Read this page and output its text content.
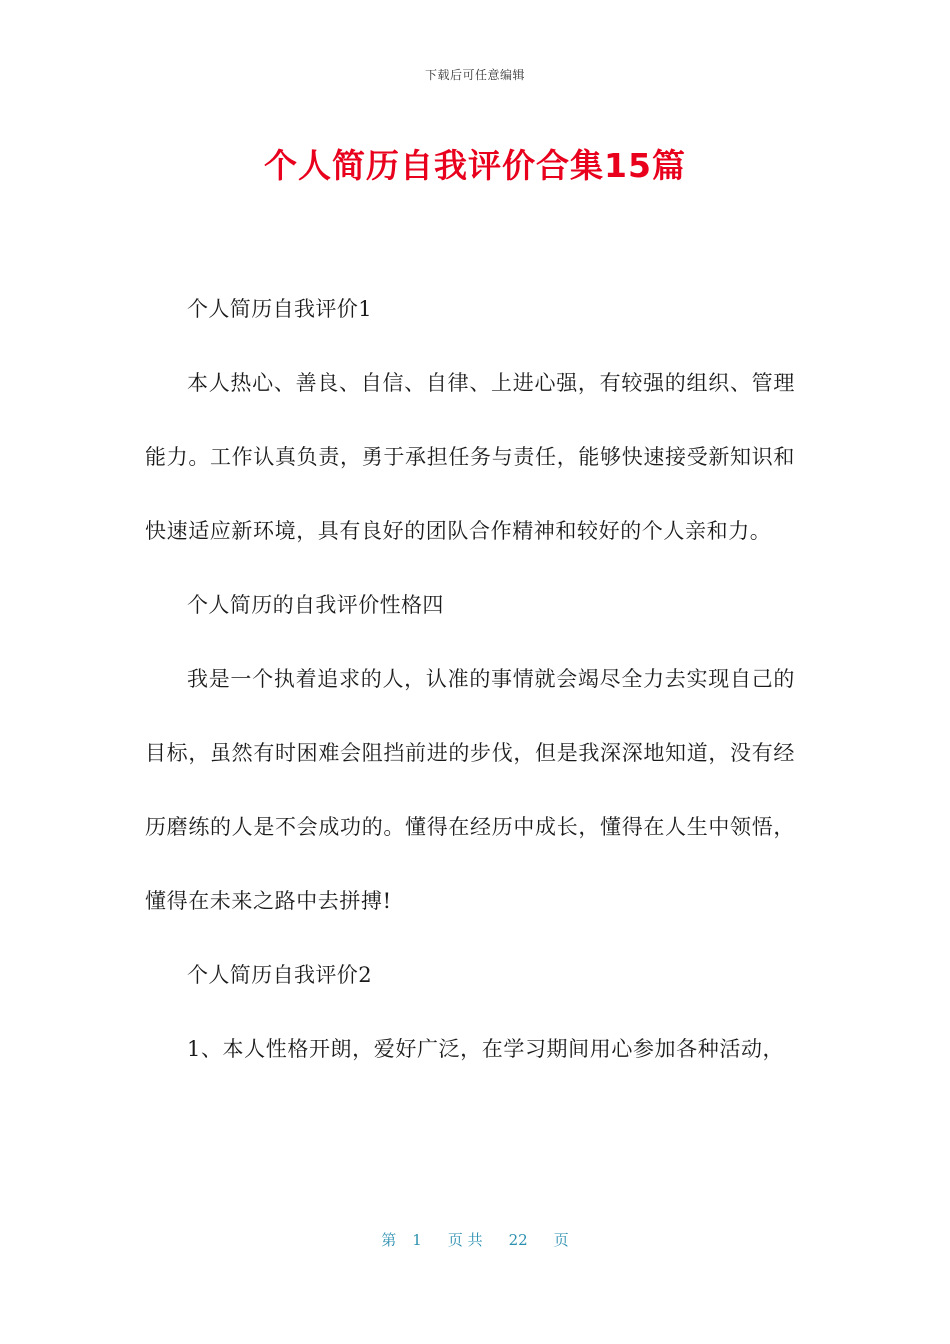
下载后可任意编辑
个人简历自我评价合集15篇

个人简历自我评价1

本人热心、善良、自信、自律、上进心强，有较强的组织、管理能力。工作认真负责，勇于承担任务与责任，能够快速接受新知识和快速适应新环境，具有良好的团队合作精神和较好的个人亲和力。

个人简历的自我评价性格四

我是一个执着追求的人，认准的事情就会竭尽全力去实现自己的目标，虽然有时困难会阻挡前进的步伐，但是我深深地知道，没有经历磨练的人是不会成功的。懂得在经历中成长，懂得在人生中领悟，懂得在未来之路中去拼搏!

个人简历自我评价2

1、本人性格开朗，爱好广泛，在学习期间用心参加各种活动，

第 1 页 共 22 页
